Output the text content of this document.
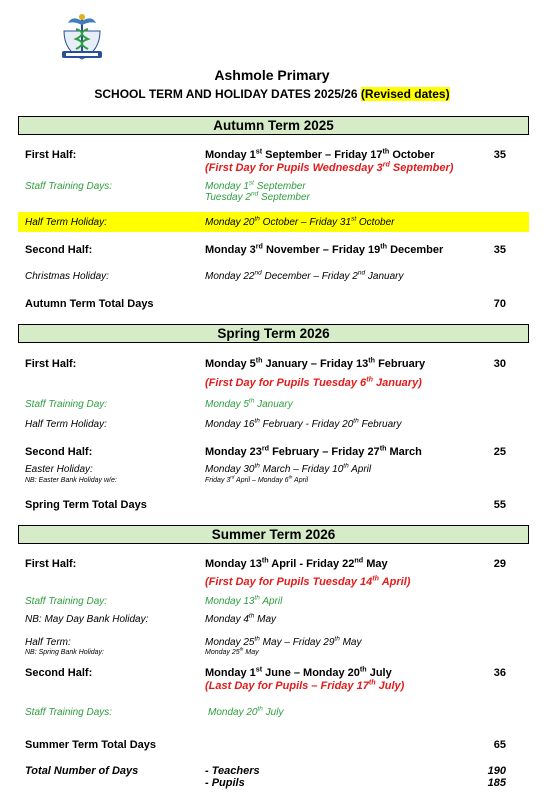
Ashmole Primary
SCHOOL TERM AND HOLIDAY DATES 2025/26 (Revised dates)
Autumn Term 2025
First Half:	Monday 1st September – Friday 17th October	35
(First Day for Pupils Wednesday 3rd September)
Staff Training Days:	Monday 1st September
Tuesday 2nd September
Half Term Holiday:	Monday 20th October – Friday 31st October
Second Half:	Monday 3rd November – Friday 19th December	35
Christmas Holiday:	Monday 22nd December – Friday 2nd January
Autumn Term Total Days	70
Spring Term 2026
First Half:	Monday 5th January – Friday 13th February	30
(First Day for Pupils Tuesday 6th January)
Staff Training Day:	Monday 5th January
Half Term Holiday:	Monday 16th February - Friday 20th February
Second Half:	Monday 23rd February – Friday 27th March	25
Easter Holiday:	Monday 30th March – Friday 10th April
NB: Easter Bank Holiday w/e:	Friday 3rd April – Monday 6th April
Spring Term Total Days	55
Summer Term 2026
First Half:	Monday 13th April - Friday 22nd May	29
(First Day for Pupils Tuesday 14th April)
Staff Training Day:	Monday 13th April
NB: May Day Bank Holiday:	Monday 4th May
Half Term:	Monday 25th May – Friday 29th May
NB: Spring Bank Holiday:	Monday 25th May
Second Half:	Monday 1st June – Monday 20th July	36
(Last Day for Pupils – Friday 17th July)
Staff Training Days:	Monday 20th July
Summer Term Total Days	65
Total Number of Days	- Teachers	190
- Pupils	185
